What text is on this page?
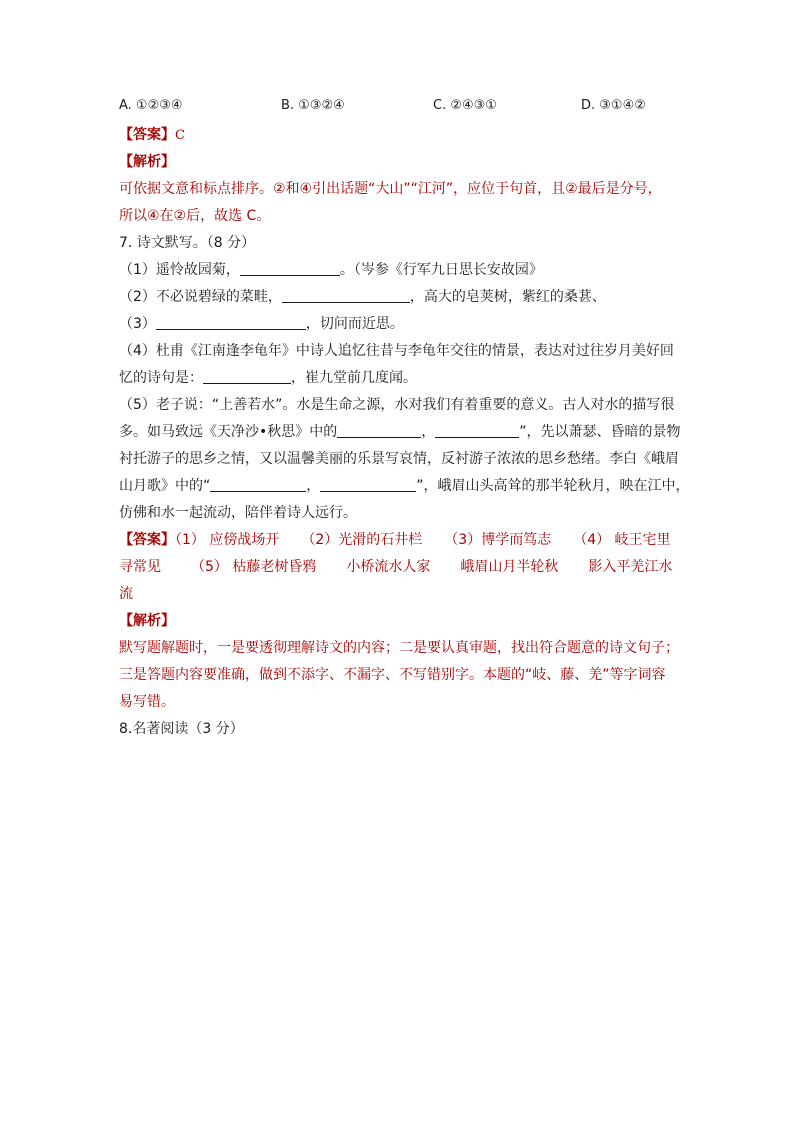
A. ①②③④	B. ①③②④	C. ②④③①	D. ③①④②
【答案】C
【解析】
可依据文意和标点排序。②和④引出话题“大山”“江河”，应位于句首，且②最后是分号，
所以④在②后，故选 C。
7. 诗文默写。（8 分）
（1）遥怜故园菊，	。（岑参《行军九日思长安故园》
（2）不必说碧绿的菜畦，	，高大的皂荚树，紫红的桑葚、
（3）	，切问而近思。
（4）杜甫《江南逢李龟年》中诗人追忆往昔与李龟年交往的情景，表达对过往岁月美好回
忆的诗句是：	，崔九堂前几度闻。
（5）老子说：“上善若水”。水是生命之源，水对我们有着重要的意义。古人对水的描写很
多。如马致远《天净沙•秋思》中的	，	”，先以萧瑟、昏暗的景物
衬托游子的思乡之情，又以温馨美丽的乐景写哀情，反衬游子浓浓的思乡愁绪。李白《峨眉
山月歌》中的“	，	”，峨眉山头高耸的那半轮秋月，映在江中，
仿佛和水一起流动，陪伴着诗人远行。
【答案】（1） 应傍战场开 （2）光滑的石井栏 （3）博学而笃志 （4） 岐王宅里
寻常见 （5） 枯藤老树昏鸦 小桥流水人家 峨眉山月半轮秋 影入平羌江水
流
【解析】
默写题解题时，一是要透彻理解诗文的内容；二是要认真审题，找出符合题意的诗文句子；
三是答题内容要准确，做到不添字、不漏字、不写错别字。本题的“岐、藤、羌”等字词容
易写错。
8.名著阅读（3 分）
